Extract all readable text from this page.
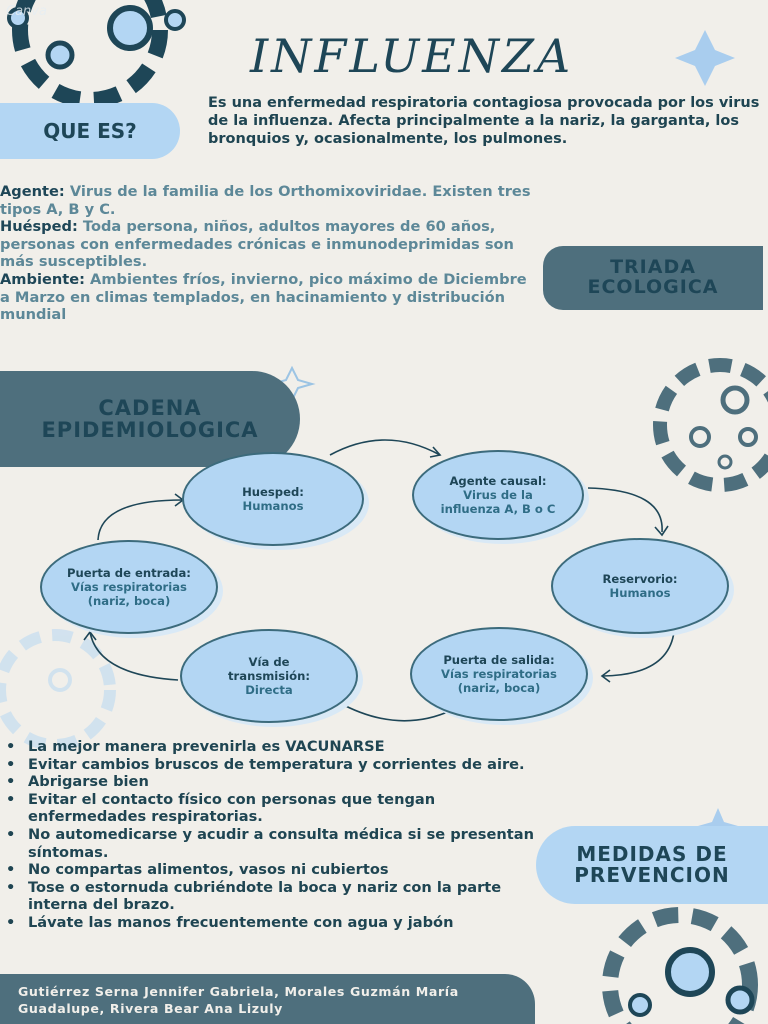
Canva
INFLUENZA
QUE ES?
Es una enfermedad respiratoria contagiosa provocada por los virus de la influenza. Afecta principalmente a la nariz, la garganta, los bronquios y, ocasionalmente, los pulmones.
Agente: Virus de la familia de los Orthomixoviridae. Existen tres tipos A, B y C.
Huésped: Toda persona, niños, adultos mayores de 60 años, personas con enfermedades crónicas e inmunodeprimidas son más susceptibles.
Ambiente: Ambientes fríos, invierno, pico máximo de Diciembre a Marzo en climas templados, en hacinamiento y distribución mundial
TRIADA ECOLOGICA
CADENA EPIDEMIOLOGICA
Huesped:
Humanos
Agente causal:
Virus de la influenza A, B o C
Reservorio:
Humanos
Puerta de salida:
Vías respiratorias (nariz, boca)
Vía de transmisión:
Directa
Puerta de entrada:
Vías respiratorias (nariz, boca)
• La mejor manera prevenirla es VACUNARSE
• Evitar cambios bruscos de temperatura y corrientes de aire.
• Abrigarse bien
• Evitar el contacto físico con personas que tengan enfermedades respiratorias.
• No automedicarse y acudir a consulta médica si se presentan síntomas.
• No compartas alimentos, vasos ni cubiertos
• Tose o estornuda cubriéndote la boca y nariz con la parte interna del brazo.
• Lávate las manos frecuentemente con agua y jabón
MEDIDAS DE PREVENCION
Gutiérrez Serna Jennifer Gabriela, Morales Guzmán María Guadalupe, Rivera Bear Ana Lizuly
